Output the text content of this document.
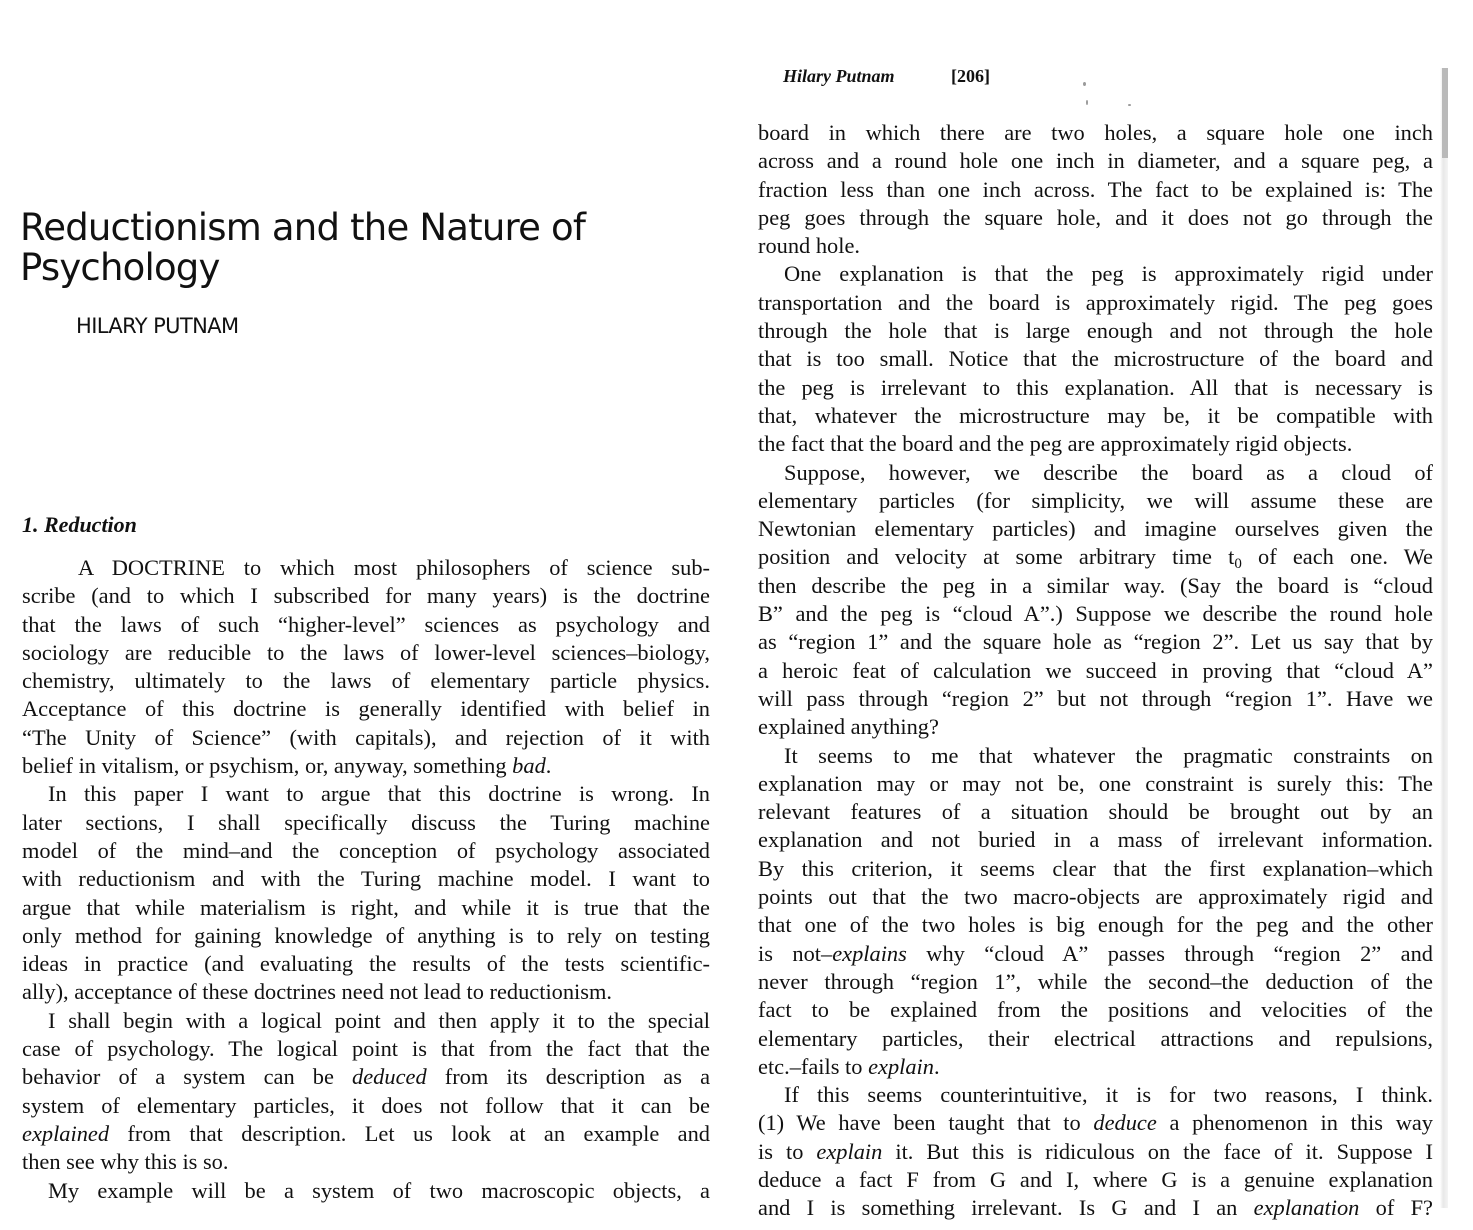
Reductionism and the Nature of
Psychology
HILARY PUTNAM
1. Reduction
A DOCTRINE to which most philosophers of science sub-
scribe (and to which I subscribed for many years) is the doctrine
that the laws of such “higher-level” sciences as psychology and
sociology are reducible to the laws of lower-level sciences–biology,
chemistry, ultimately to the laws of elementary particle physics.
Acceptance of this doctrine is generally identified with belief in
“The Unity of Science” (with capitals), and rejection of it with
belief in vitalism, or psychism, or, anyway, something bad.
In this paper I want to argue that this doctrine is wrong. In
later sections, I shall specifically discuss the Turing machine
model of the mind–and the conception of psychology associated
with reductionism and with the Turing machine model. I want to
argue that while materialism is right, and while it is true that the
only method for gaining knowledge of anything is to rely on testing
ideas in practice (and evaluating the results of the tests scientific-
ally), acceptance of these doctrines need not lead to reductionism.
I shall begin with a logical point and then apply it to the special
case of psychology. The logical point is that from the fact that the
behavior of a system can be deduced from its description as a
system of elementary particles, it does not follow that it can be
explained from that description. Let us look at an example and
then see why this is so.
My example will be a system of two macroscopic objects, a
Hilary Putnam	[206]
board in which there are two holes, a square hole one inch
across and a round hole one inch in diameter, and a square peg, a
fraction less than one inch across. The fact to be explained is: The
peg goes through the square hole, and it does not go through the
round hole.
One explanation is that the peg is approximately rigid under
transportation and the board is approximately rigid. The peg goes
through the hole that is large enough and not through the hole
that is too small. Notice that the microstructure of the board and
the peg is irrelevant to this explanation. All that is necessary is
that, whatever the microstructure may be, it be compatible with
the fact that the board and the peg are approximately rigid objects.
Suppose, however, we describe the board as a cloud of
elementary particles (for simplicity, we will assume these are
Newtonian elementary particles) and imagine ourselves given the
position and velocity at some arbitrary time $t_0$ of each one. We
then describe the peg in a similar way. (Say the board is “cloud
B” and the peg is “cloud A”.) Suppose we describe the round hole
as “region 1” and the square hole as “region 2”. Let us say that by
a heroic feat of calculation we succeed in proving that “cloud A”
will pass through “region 2” but not through “region 1”. Have we
explained anything?
It seems to me that whatever the pragmatic constraints on
explanation may or may not be, one constraint is surely this: The
relevant features of a situation should be brought out by an
explanation and not buried in a mass of irrelevant information.
By this criterion, it seems clear that the first explanation–which
points out that the two macro-objects are approximately rigid and
that one of the two holes is big enough for the peg and the other
is not–explains why “cloud A” passes through “region 2” and
never through “region 1”, while the second–the deduction of the
fact to be explained from the positions and velocities of the
elementary particles, their electrical attractions and repulsions,
etc.–fails to explain.
If this seems counterintuitive, it is for two reasons, I think.
(1) We have been taught that to deduce a phenomenon in this way
is to explain it. But this is ridiculous on the face of it. Suppose I
deduce a fact F from G and I, where G is a genuine explanation
and I is something irrelevant. Is G and I an explanation of F?
